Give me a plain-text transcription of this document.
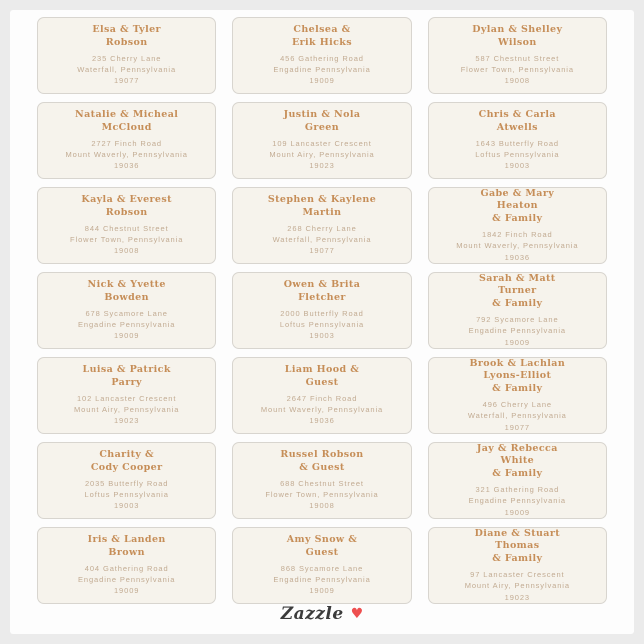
Elsa & Tyler
Robson
235 Cherry Lane
Waterfall, Pennsylvania
19077
Chelsea &
Erik Hicks
456 Gathering Road
Engadine Pennsylvania
19009
Dylan & Shelley
Wilson
587 Chestnut Street
Flower Town, Pennsylvania
19008
Natalie & Micheal
McCloud
2727 Finch Road
Mount Waverly, Pennsylvania
19036
Justin & Nola
Green
109 Lancaster Crescent
Mount Airy, Pennsylvania
19023
Chris & Carla
Atwells
1643 Butterfly Road
Loftus Pennsylvania
19003
Kayla & Everest
Robson
844 Chestnut Street
Flower Town, Pennsylvania
19008
Stephen & Kaylene
Martin
268 Cherry Lane
Waterfall, Pennsylvania
19077
Gabe & Mary
Heaton
& Family
1842 Finch Road
Mount Waverly, Pennsylvania
19036
Nick & Yvette
Bowden
678 Sycamore Lane
Engadine Pennsylvania
19009
Owen & Brita
Fletcher
2000 Butterfly Road
Loftus Pennsylvania
19003
Sarah & Matt
Turner
& Family
792 Sycamore Lane
Engadine Pennsylvania
19009
Luisa & Patrick
Parry
102 Lancaster Crescent
Mount Airy, Pennsylvania
19023
Liam Hood &
Guest
2647 Finch Road
Mount Waverly, Pennsylvania
19036
Brook & Lachlan
Lyons-Elliot
& Family
496 Cherry Lane
Waterfall, Pennsylvania
19077
Charity &
Cody Cooper
2035 Butterfly Road
Loftus Pennsylvania
19003
Russel Robson
& Guest
688 Chestnut Street
Flower Town, Pennsylvania
19008
Jay & Rebecca
White
& Family
321 Gathering Road
Engadine Pennsylvania
19009
Iris & Landen
Brown
404 Gathering Road
Engadine Pennsylvania
19009
Amy Snow &
Guest
868 Sycamore Lane
Engadine Pennsylvania
19009
Diane & Stuart
Thomas
& Family
97 Lancaster Crescent
Mount Airy, Pennsylvania
19023
Zazzle ♥
